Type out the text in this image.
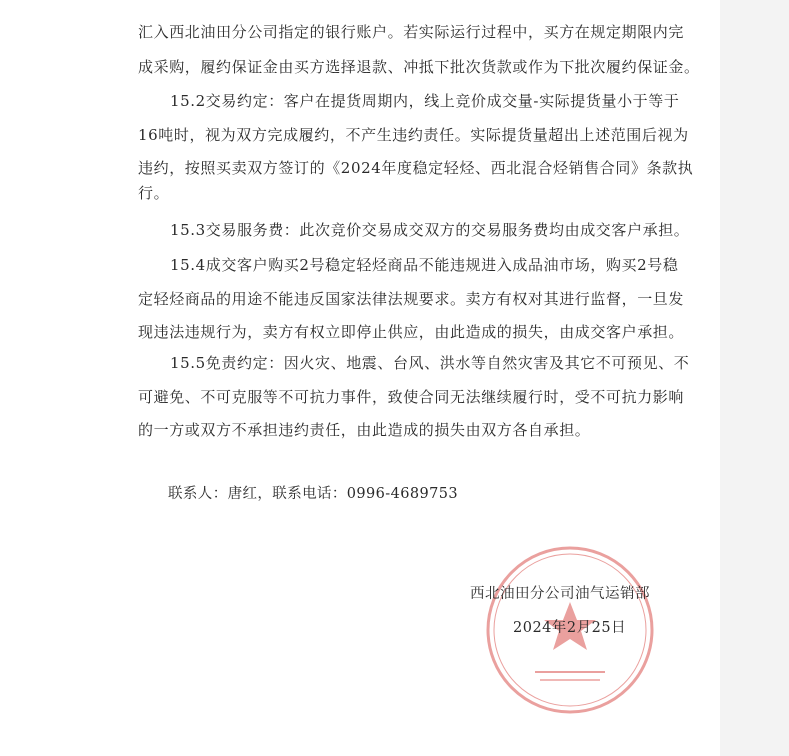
汇入西北油田分公司指定的银行账户。若实际运行过程中，买方在规定期限内完
成采购，履约保证金由买方选择退款、冲抵下批次货款或作为下批次履约保证金。
15.2交易约定：客户在提货周期内，线上竞价成交量-实际提货量小于等于
16吨时，视为双方完成履约，不产生违约责任。实际提货量超出上述范围后视为
违约，按照买卖双方签订的《2024年度稳定轻烃、西北混合烃销售合同》条款执
行。
15.3交易服务费：此次竞价交易成交双方的交易服务费均由成交客户承担。
15.4成交客户购买2号稳定轻烃商品不能违规进入成品油市场，购买2号稳
定轻烃商品的用途不能违反国家法律法规要求。卖方有权对其进行监督，一旦发
现违法违规行为，卖方有权立即停止供应，由此造成的损失，由成交客户承担。
15.5免责约定：因火灾、地震、台风、洪水等自然灾害及其它不可预见、不
可避免、不可克服等不可抗力事件，致使合同无法继续履行时，受不可抗力影响
的一方或双方不承担违约责任，由此造成的损失由双方各自承担。
联系人：唐红，联系电话：0996-4689753
西北油田分公司油气运销部
2024年2月25日
